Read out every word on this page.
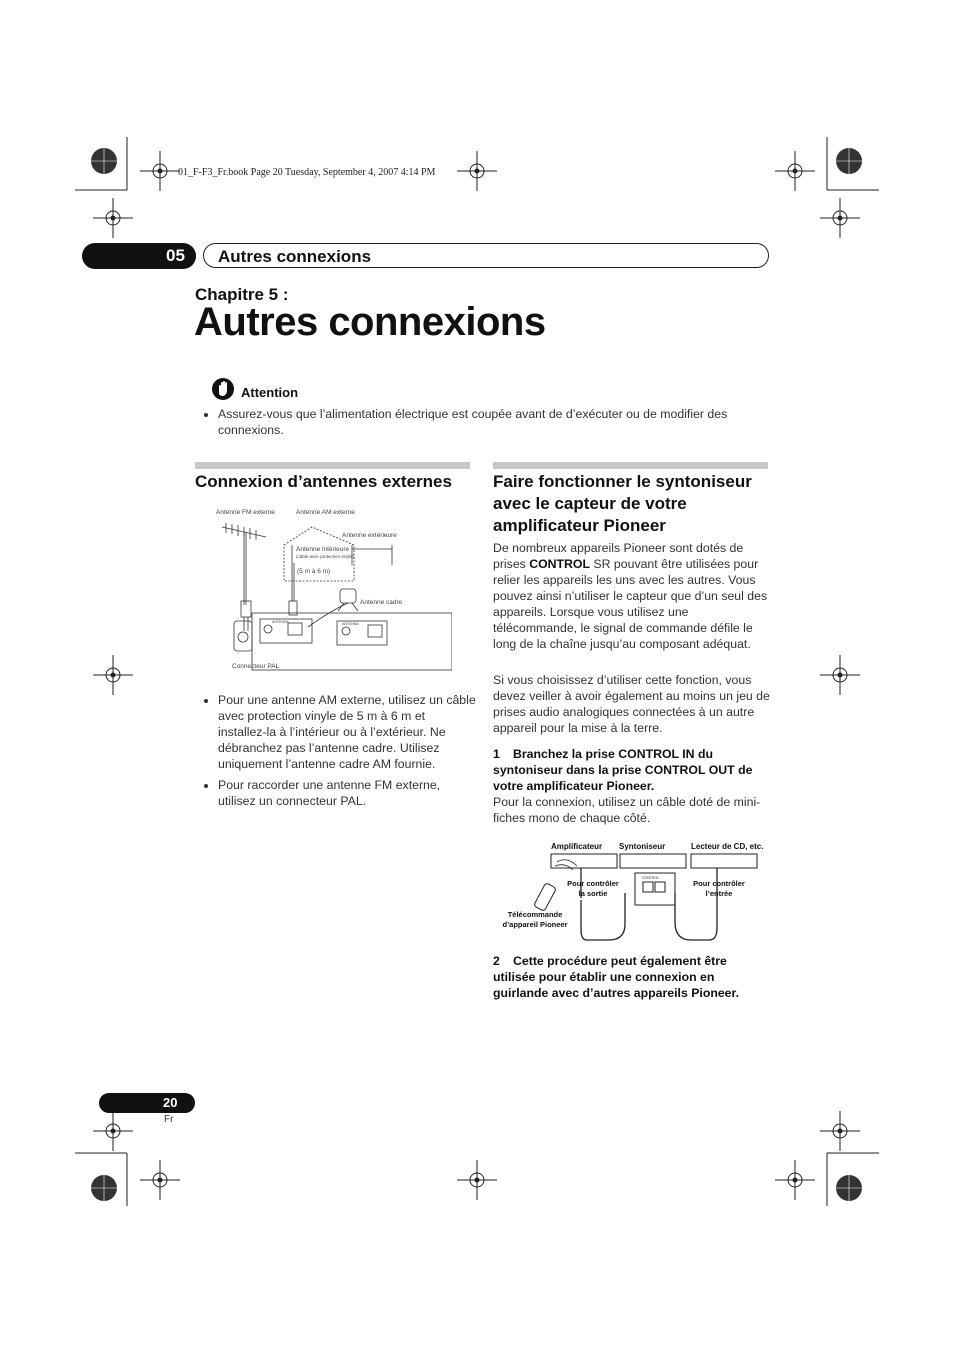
01_F-F3_Fr.book Page 20 Tuesday, September 4, 2007 4:14 PM
05	Autres connexions
Chapitre 5 :
Autres connexions
Attention
• Assurez-vous que l’alimentation électrique est coupée avant de d’exécuter ou de modifier des connexions.
Connexion d’antennes externes
Antenne FM externe	Antenne AM externe
Antenne extérieure
Antenne intérieure
(câble avec protection vinyle)
(5 m à 6 m)
Antenne cadre
Connecteur PAL
ANTENNA	ANTENNA
• Pour une antenne AM externe, utilisez un câble avec protection vinyle de 5 m à 6 m et installez-la à l’intérieur ou à l’extérieur. Ne débranchez pas l’antenne cadre. Utilisez uniquement l’antenne cadre AM fournie.
• Pour raccorder une antenne FM externe, utilisez un connecteur PAL.
Faire fonctionner le syntoniseur avec le capteur de votre amplificateur Pioneer
De nombreux appareils Pioneer sont dotés de prises CONTROL SR pouvant être utilisées pour relier les appareils les uns avec les autres. Vous pouvez ainsi n’utiliser le capteur que d’un seul des appareils. Lorsque vous utilisez une télécommande, le signal de commande défile le long de la chaîne jusqu’au composant adéquat.
Si vous choisissez d’utiliser cette fonction, vous devez veiller à avoir également au moins un jeu de prises audio analogiques connectées à un autre appareil pour la mise à la terre.
1 Branchez la prise CONTROL IN du syntoniseur dans la prise CONTROL OUT de votre amplificateur Pioneer.
Pour la connexion, utilisez un câble doté de mini-fiches mono de chaque côté.
Amplificateur Syntoniseur	Lecteur de CD, etc.
CONTROL
Pour contrôler
la sortie
Pour contrôler
l’entrée
Télécommande
d’appareil Pioneer
2 Cette procédure peut également être utilisée pour établir une connexion en guirlande avec d’autres appareils Pioneer.
20
Fr
